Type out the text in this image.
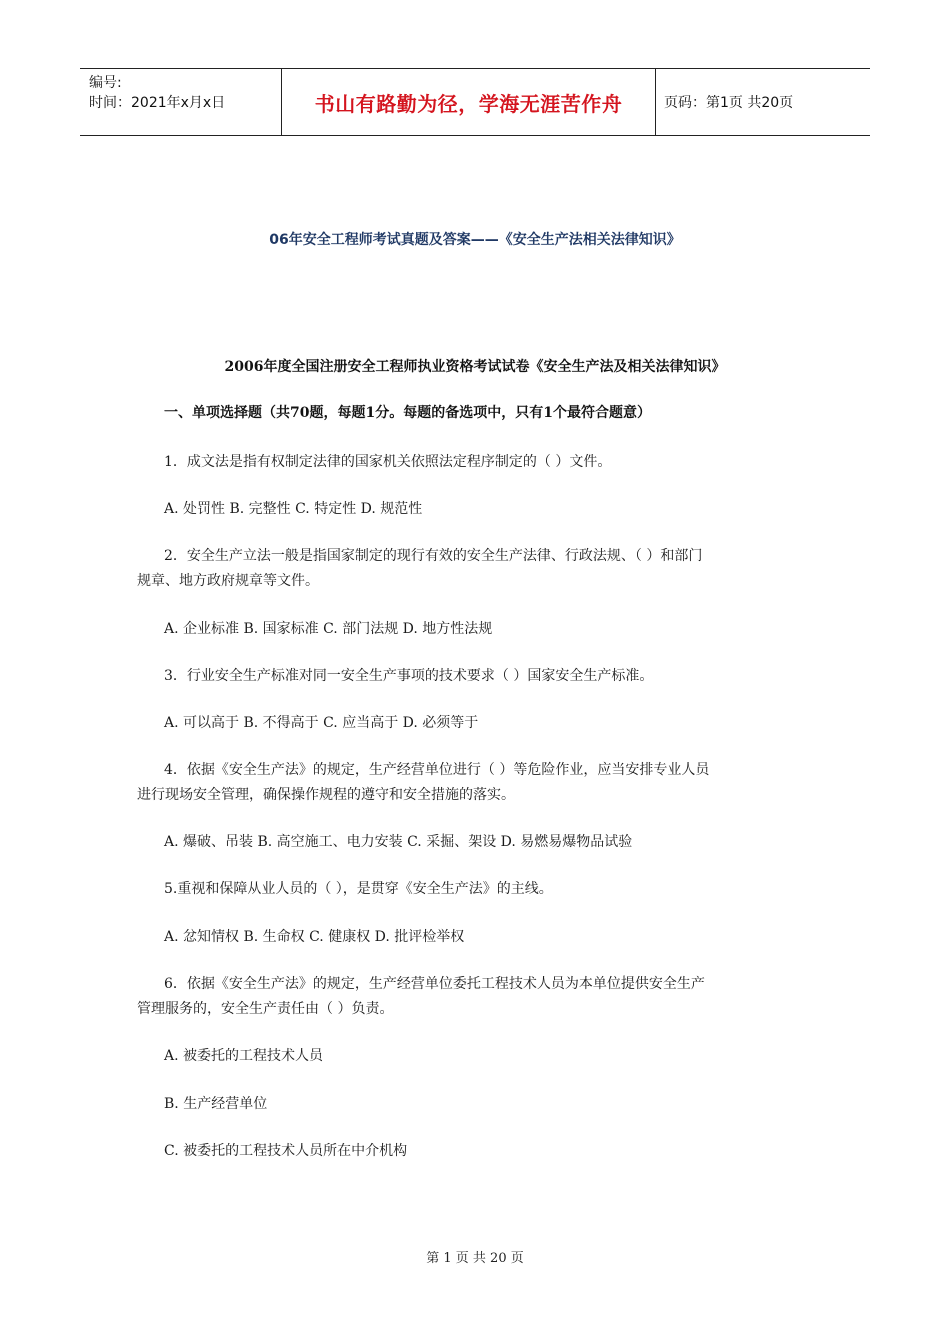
编号:
时间：2021年x月x日	书山有路勤为径，学海无涯苦作舟	页码：第1页 共20页
06年安全工程师考试真题及答案——《安全生产法相关法律知识》
2006年度全国注册安全工程师执业资格考试试卷《安全生产法及相关法律知识》
一、单项选择题（共70题，每题1分。每题的备选项中，只有1个最符合题意）
1．成文法是指有权制定法律的国家机关依照法定程序制定的（ ）文件。
A. 处罚性 B. 完整性 C. 特定性 D. 规范性
2．安全生产立法一般是指国家制定的现行有效的安全生产法律、行政法规、（ ）和部门
规章、地方政府规章等文件。
A. 企业标准 B. 国家标准 C. 部门法规 D. 地方性法规
3．行业安全生产标准对同一安全生产事项的技术要求（ ）国家安全生产标准。
A. 可以高于 B. 不得高于 C. 应当高于 D. 必须等于
4．依据《安全生产法》的规定，生产经营单位进行（ ）等危险作业，应当安排专业人员
进行现场安全管理，确保操作规程的遵守和安全措施的落实。
A. 爆破、吊装 B. 高空施工、电力安装 C. 采掘、架设 D. 易燃易爆物品试验
5.重视和保障从业人员的（ ），是贯穿《安全生产法》的主线。
A. 忿知情权 B. 生命权 C. 健康权 D. 批评检举权
6．依据《安全生产法》的规定，生产经营单位委托工程技术人员为本单位提供安全生产
管理服务的，安全生产责任由（ ）负责。
A. 被委托的工程技术人员
B. 生产经营单位
C. 被委托的工程技术人员所在中介机构
第 1 页 共 20 页
